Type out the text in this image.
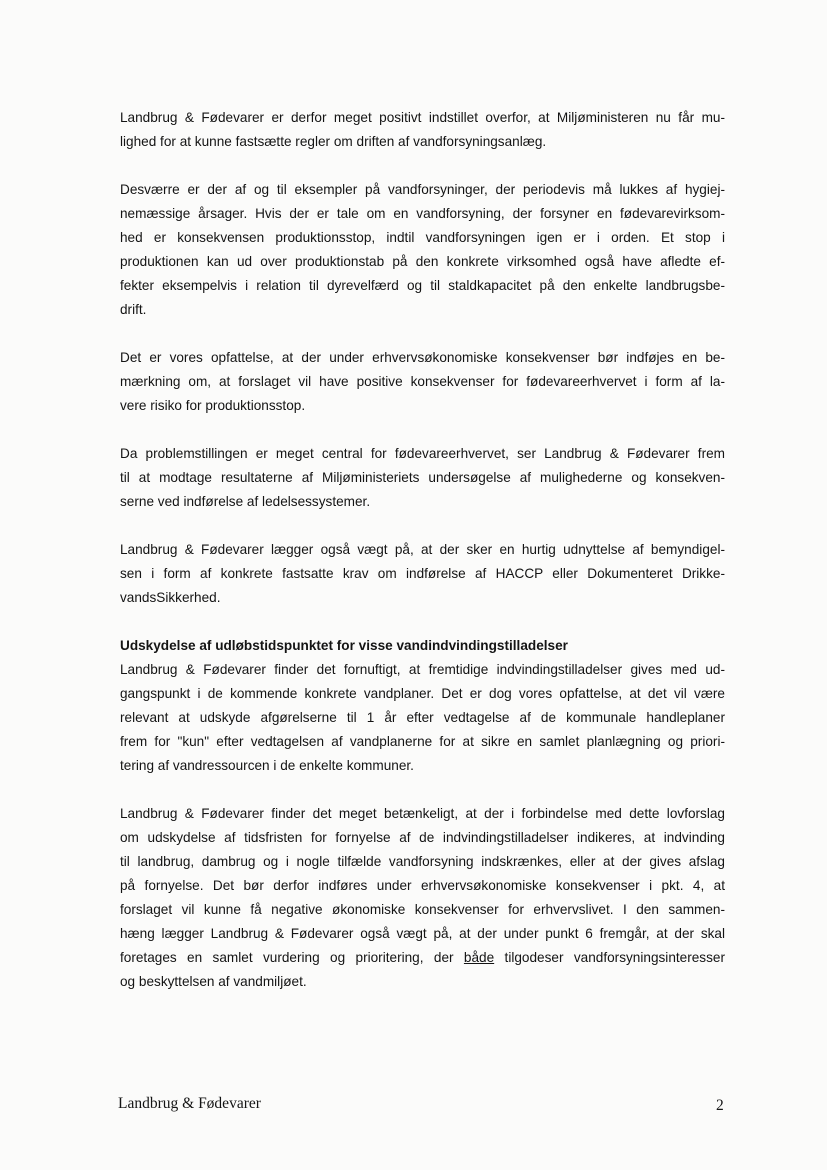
Landbrug & Fødevarer er derfor meget positivt indstillet overfor, at Miljøministeren nu får mu-
lighed for at kunne fastsætte regler om driften af vandforsyningsanlæg.

Desværre er der af og til eksempler på vandforsyninger, der periodevis må lukkes af hygiej-
nemæssige årsager. Hvis der er tale om en vandforsyning, der forsyner en fødevarevirksom-
hed er konsekvensen produktionsstop, indtil vandforsyningen igen er i orden. Et stop i
produktionen kan ud over produktionstab på den konkrete virksomhed også have afledte ef-
fekter eksempelvis i relation til dyrevelfærd og til staldkapacitet på den enkelte landbrugsbe-
drift.

Det er vores opfattelse, at der under erhvervsøkonomiske konsekvenser bør indføjes en be-
mærkning om, at forslaget vil have positive konsekvenser for fødevareerhvervet i form af la-
vere risiko for produktionsstop.

Da problemstillingen er meget central for fødevareerhvervet, ser Landbrug & Fødevarer frem
til at modtage resultaterne af Miljøministeriets undersøgelse af mulighederne og konsekven-
serne ved indførelse af ledelsessystemer.

Landbrug & Fødevarer lægger også vægt på, at der sker en hurtig udnyttelse af bemyndigel-
sen i form af konkrete fastsatte krav om indførelse af HACCP eller Dokumenteret Drikke-
vandsSikkerhed.

Udskydelse af udløbstidspunktet for visse vandindvindingstilladelser
Landbrug & Fødevarer finder det fornuftigt, at fremtidige indvindingstilladelser gives med ud-
gangspunkt i de kommende konkrete vandplaner. Det er dog vores opfattelse, at det vil være
relevant at udskyde afgørelserne til 1 år efter vedtagelse af de kommunale handleplaner
frem for "kun" efter vedtagelsen af vandplanerne for at sikre en samlet planlægning og priori-
tering af vandressourcen i de enkelte kommuner.

Landbrug & Fødevarer finder det meget betænkeligt, at der i forbindelse med dette lovforslag
om udskydelse af tidsfristen for fornyelse af de indvindingstilladelser indikeres, at indvinding
til landbrug, dambrug og i nogle tilfælde vandforsyning indskrænkes, eller at der gives afslag
på fornyelse. Det bør derfor indføres under erhvervsøkonomiske konsekvenser i pkt. 4, at
forslaget vil kunne få negative økonomiske konsekvenser for erhvervslivet. I den sammen-
hæng lægger Landbrug & Fødevarer også vægt på, at der under punkt 6 fremgår, at der skal
foretages en samlet vurdering og prioritering, der både tilgodeser vandforsyningsinteresser
og beskyttelsen af vandmiljøet.

Landbrug & Fødevarer	2
